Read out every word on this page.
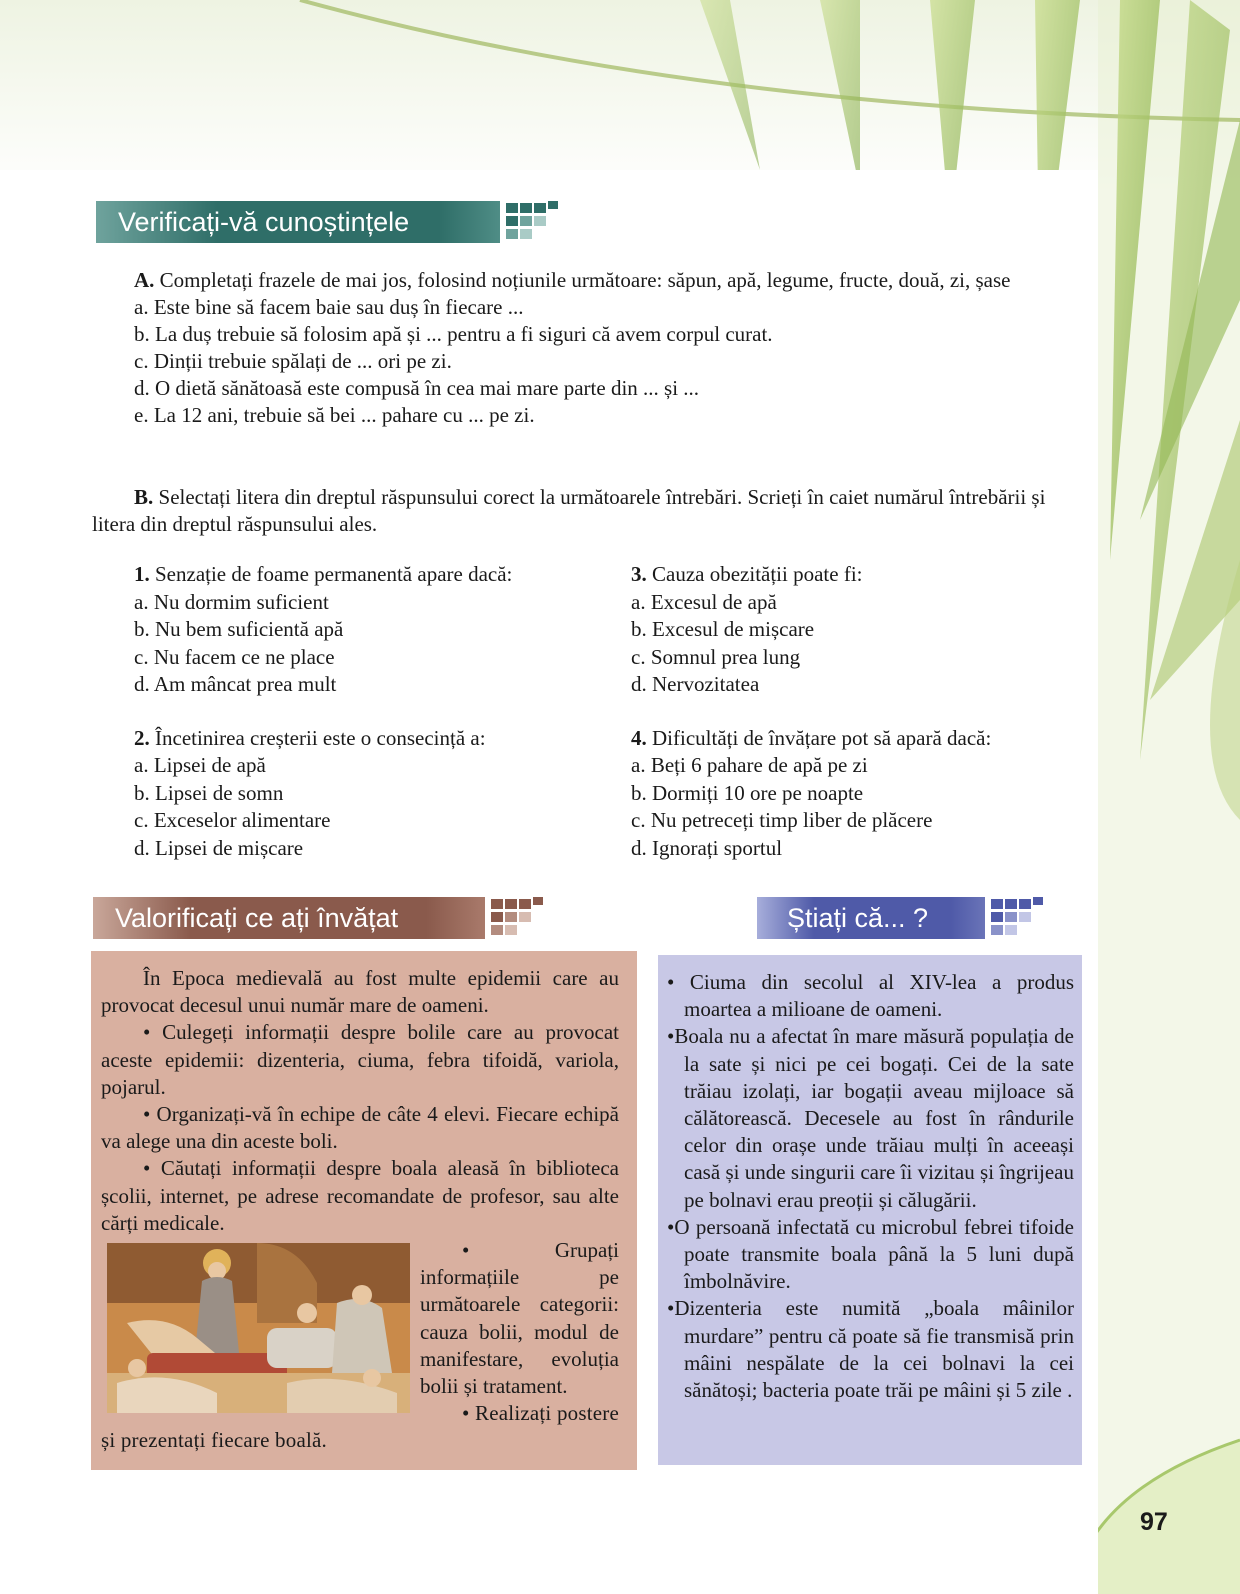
Verificați-vă cunoștințele

A. Completați frazele de mai jos, folosind noțiunile următoare: săpun, apă, legume, fructe, două, zi, șase

a. Este bine să facem baie sau duș în fiecare ...

b. La duș trebuie să folosim apă și ... pentru a fi siguri că avem corpul curat.

c. Dinții trebuie spălați de ... ori pe zi.

d. O dietă sănătoasă este compusă în cea mai mare parte din ... și ...

e. La 12 ani, trebuie să bei ... pahare cu ... pe zi.

B. Selectați litera din dreptul răspunsului corect la următoarele întrebări. Scrieți în caiet numărul întrebării și litera din dreptul răspunsului ales.

1. Senzație de foame permanentă apare dacă:

a. Nu dormim suficient

b. Nu bem suficientă apă

c. Nu facem ce ne place

d. Am mâncat prea mult

2. Încetinirea creșterii este o consecință a:

a. Lipsei de apă

b. Lipsei de somn

c. Exceselor alimentare

d. Lipsei de mișcare

3. Cauza obezității poate fi:

a. Excesul de apă

b. Excesul de mișcare

c. Somnul prea lung

d. Nervozitatea

4. Dificultăți de învățare pot să apară dacă:

a. Beți 6 pahare de apă pe zi

b. Dormiți 10 ore pe noapte

c. Nu petreceți timp liber de plăcere

d. Ignorați sportul

Valorificați ce ați învățat	Știați că... ?

În Epoca medievală au fost multe epidemii care au provocat decesul unui număr mare de oameni.

• Culegeți informații despre bolile care au provocat aceste epidemii: dizenteria, ciuma, febra tifoidă, variola, pojarul.

• Organizați-vă în echipe de câte 4 elevi. Fiecare echipă va alege una din aceste boli.

• Căutați informații despre boala aleasă în biblioteca școlii, internet, pe adrese recomandate de profesor, sau alte cărți medicale.

• Grupați informațiile pe următoarele categorii: cauza bolii, modul de manifestare, evoluția bolii și tratament.

• Realizați postere și prezentați fiecare boală.

• Ciuma din secolul al XIV-lea a produs moartea a milioane de oameni.

•Boala nu a afectat în mare măsură populația de la sate și nici pe cei bogați. Cei de la sate trăiau izolați, iar bogații aveau mijloace să călătorească. Decesele au fost în rândurile celor din orașe unde trăiau mulți în aceeași casă și unde singurii care îi vizitau și îngrijeau pe bolnavi erau preoții și călugării.

•O persoană infectată cu microbul febrei tifoide poate transmite boala până la 5 luni după îmbolnăvire.

•Dizenteria este numită „boala mâinilor murdare” pentru că poate să fie transmisă prin mâini nespălate de la cei bolnavi la cei sănătoși; bacteria poate trăi pe mâini și 5 zile .

97
